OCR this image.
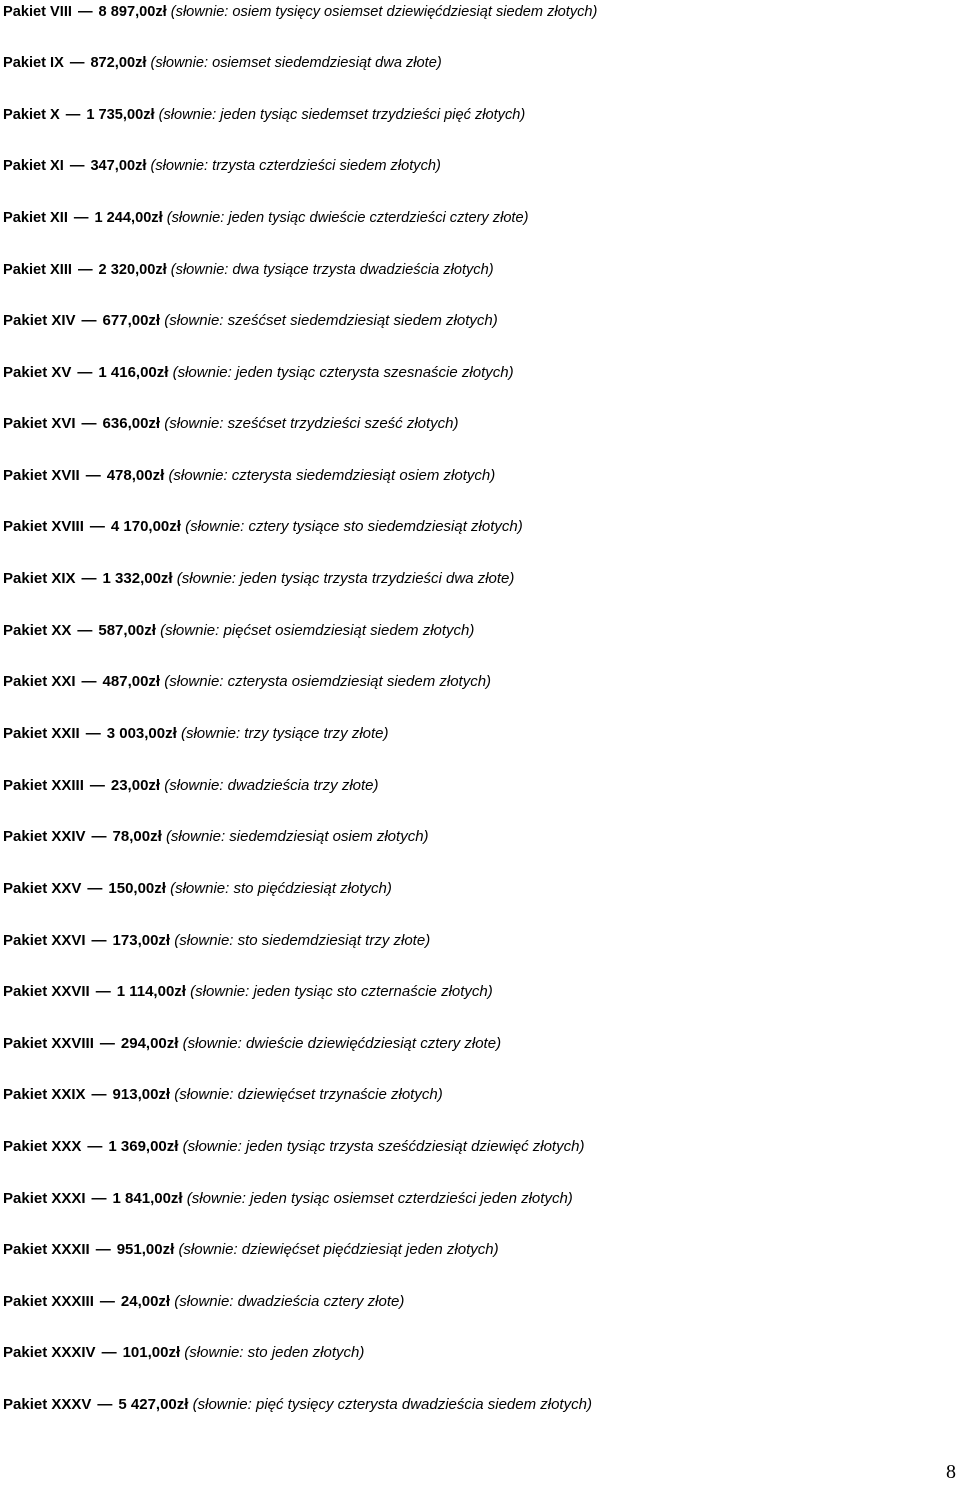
Pakiet VIII — 8 897,00zł (słownie: osiem tysięcy osiemset dziewięćdziesiąt siedem złotych)
Pakiet IX — 872,00zł (słownie: osiemset siedemdziesiąt dwa złote)
Pakiet X — 1 735,00zł (słownie: jeden tysiąc siedemset trzydzieści pięć złotych)
Pakiet XI — 347,00zł (słownie: trzysta czterdzieści siedem złotych)
Pakiet XII — 1 244,00zł (słownie: jeden tysiąc dwieście czterdzieści cztery złote)
Pakiet XIII — 2 320,00zł (słownie: dwa tysiące trzysta dwadzieścia złotych)
Pakiet XIV — 677,00zł (słownie: sześćset siedemdziesiąt siedem złotych)
Pakiet XV — 1 416,00zł (słownie: jeden tysiąc czterysta szesnaście złotych)
Pakiet XVI — 636,00zł (słownie: sześćset trzydzieści sześć złotych)
Pakiet XVII — 478,00zł (słownie: czterysta siedemdziesiąt osiem złotych)
Pakiet XVIII — 4 170,00zł (słownie: cztery tysiące sto siedemdziesiąt złotych)
Pakiet XIX — 1 332,00zł (słownie: jeden tysiąc trzysta trzydzieści dwa złote)
Pakiet XX — 587,00zł (słownie: pięćset osiemdziesiąt siedem złotych)
Pakiet XXI — 487,00zł (słownie: czterysta osiemdziesiąt siedem złotych)
Pakiet XXII — 3 003,00zł (słownie: trzy tysiące trzy złote)
Pakiet XXIII — 23,00zł (słownie: dwadzieścia trzy złote)
Pakiet XXIV — 78,00zł (słownie: siedemdziesiąt osiem złotych)
Pakiet XXV — 150,00zł (słownie: sto pięćdziesiąt złotych)
Pakiet XXVI — 173,00zł (słownie: sto siedemdziesiąt trzy złote)
Pakiet XXVII — 1 114,00zł (słownie: jeden tysiąc sto czternaście złotych)
Pakiet XXVIII — 294,00zł (słownie: dwieście dziewięćdziesiąt cztery złote)
Pakiet XXIX — 913,00zł (słownie: dziewięćset trzynaście złotych)
Pakiet XXX — 1 369,00zł (słownie: jeden tysiąc trzysta sześćdziesiąt dziewięć złotych)
Pakiet XXXI — 1 841,00zł (słownie: jeden tysiąc osiemset czterdzieści jeden złotych)
Pakiet XXXII — 951,00zł (słownie: dziewięćset pięćdziesiąt jeden złotych)
Pakiet XXXIII — 24,00zł (słownie: dwadzieścia cztery złote)
Pakiet XXXIV — 101,00zł (słownie: sto jeden złotych)
Pakiet XXXV — 5 427,00zł (słownie: pięć tysięcy czterysta dwadzieścia siedem złotych)
8
